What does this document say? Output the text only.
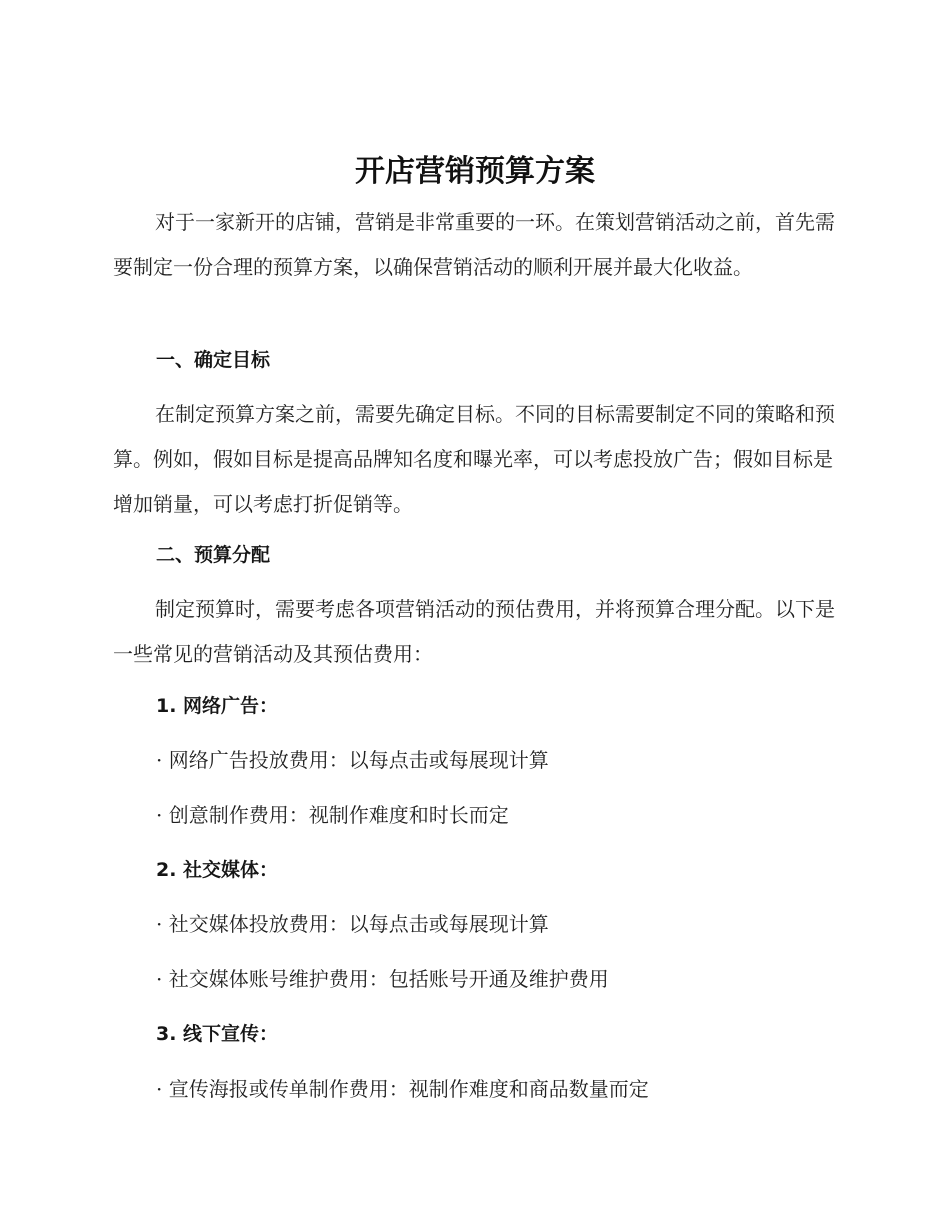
开店营销预算方案

对于一家新开的店铺，营销是非常重要的一环。在策划营销活动之前，首先需要制定一份合理的预算方案，以确保营销活动的顺利开展并最大化收益。

一、确定目标

在制定预算方案之前，需要先确定目标。不同的目标需要制定不同的策略和预算。例如，假如目标是提高品牌知名度和曝光率，可以考虑投放广告；假如目标是增加销量，可以考虑打折促销等。

二、预算分配

制定预算时，需要考虑各项营销活动的预估费用，并将预算合理分配。以下是一些常见的营销活动及其预估费用：

1. 网络广告：

· 网络广告投放费用：以每点击或每展现计算

· 创意制作费用：视制作难度和时长而定

2. 社交媒体：

· 社交媒体投放费用：以每点击或每展现计算

· 社交媒体账号维护费用：包括账号开通及维护费用

3. 线下宣传：

· 宣传海报或传单制作费用：视制作难度和商品数量而定
